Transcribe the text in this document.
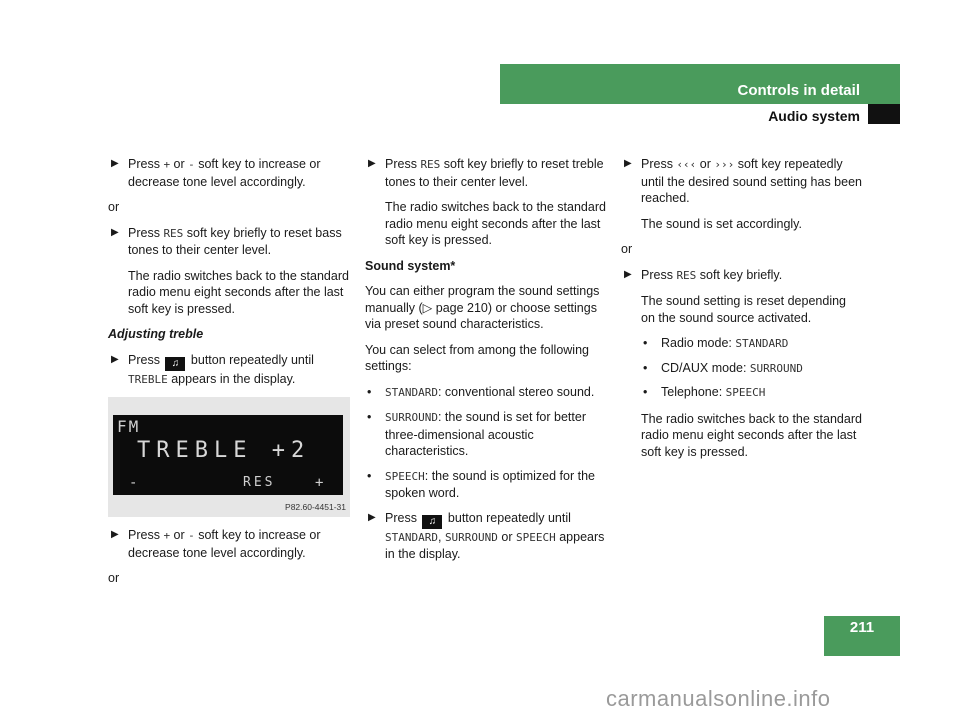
Controls in detail
Audio system
▶ Press + or - soft key to increase or decrease tone level accordingly.
or
▶ Press RES soft key briefly to reset bass tones to their center level.
The radio switches back to the standard radio menu eight seconds after the last soft key is pressed.
Adjusting treble
▶ Press ♫ button repeatedly until TREBLE appears in the display.
FM
TREBLE +2
-	RES	+
P82.60-4451-31
▶ Press + or - soft key to increase or decrease tone level accordingly.
or
▶ Press RES soft key briefly to reset treble tones to their center level.
The radio switches back to the standard radio menu eight seconds after the last soft key is pressed.
Sound system*
You can either program the sound settings manually (▷ page 210) or choose settings via preset sound characteristics.
You can select from among the following settings:
• STANDARD: conventional stereo sound.
• SURROUND: the sound is set for better three-dimensional acoustic characteristics.
• SPEECH: the sound is optimized for the spoken word.
▶ Press ♫ button repeatedly until STANDARD, SURROUND or SPEECH appears in the display.
▶ Press ‹‹‹ or ››› soft key repeatedly until the desired sound setting has been reached.
The sound is set accordingly.
or
▶ Press RES soft key briefly.
The sound setting is reset depending on the sound source activated.
• Radio mode: STANDARD
• CD/AUX mode: SURROUND
• Telephone: SPEECH
The radio switches back to the standard radio menu eight seconds after the last soft key is pressed.
211
carmanualsonline.info
